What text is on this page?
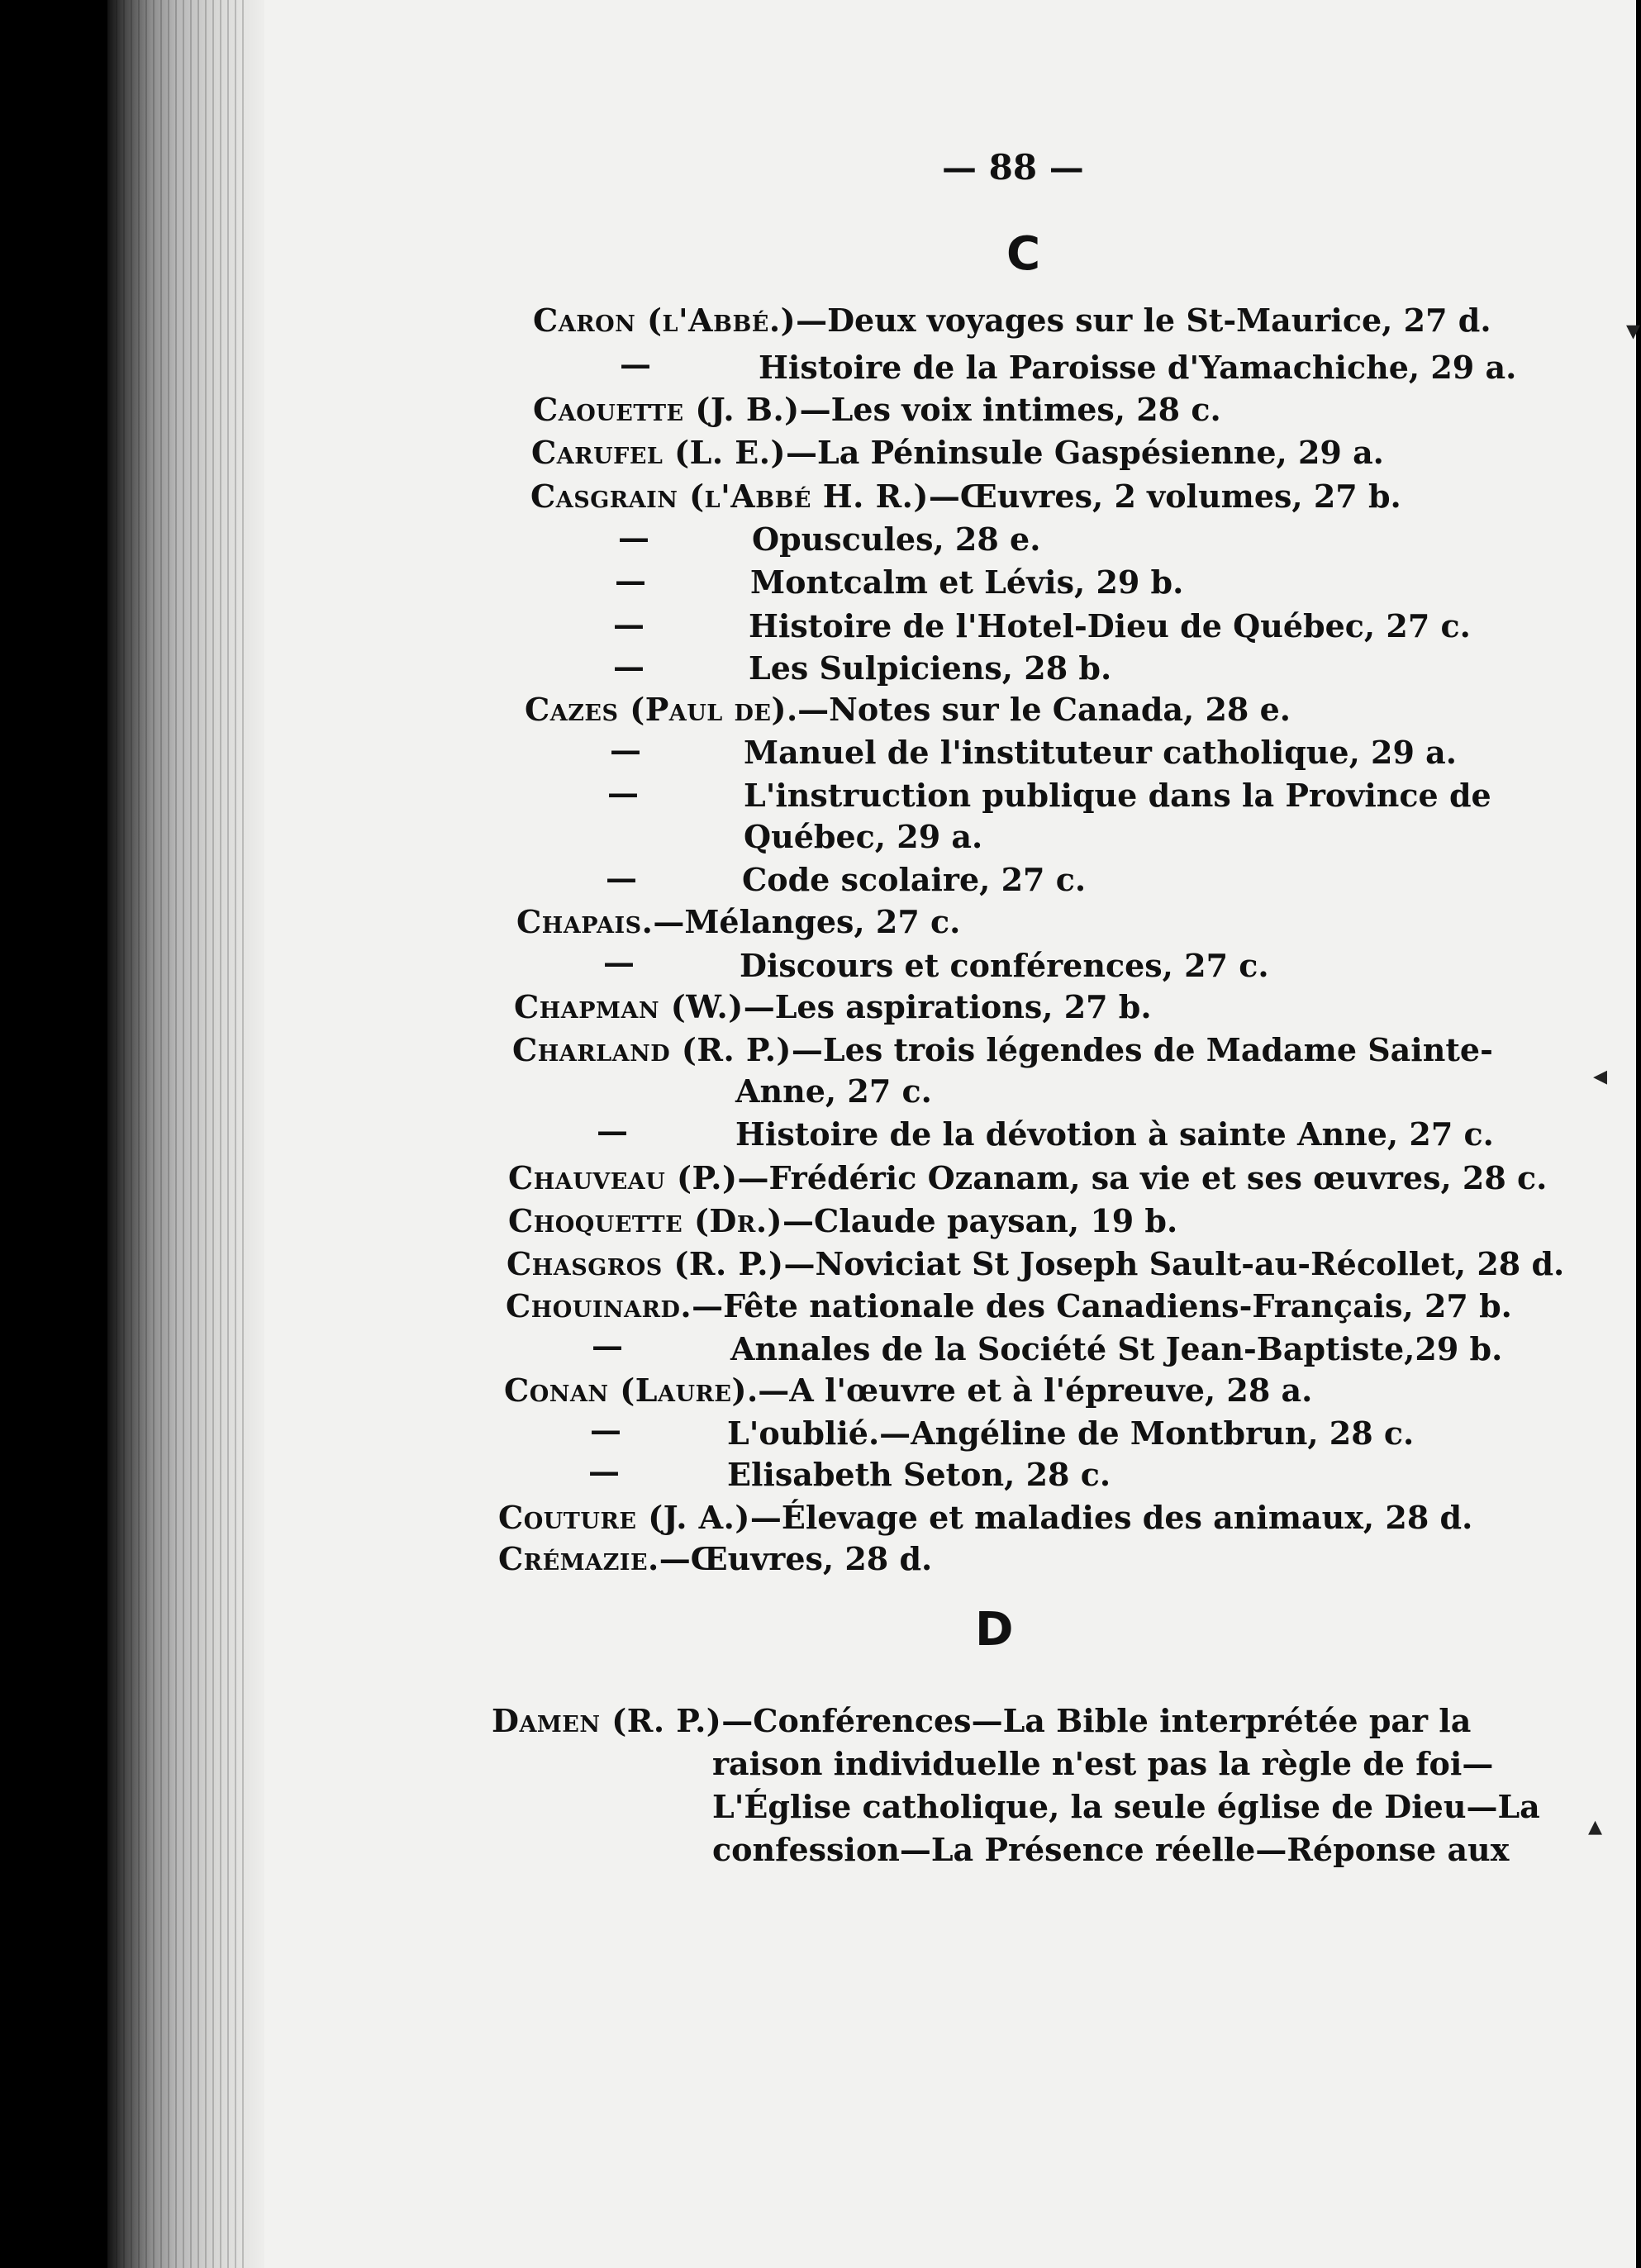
— 88 —
C
D
Caron (l'Abbé.)—Deux voyages sur le St-Maurice, 27 d.
—	Histoire de la Paroisse d'Yamachiche, 29 a.
Caouette (J. B.)—Les voix intimes, 28 c.
Carufel (L. E.)—La Péninsule Gaspésienne, 29 a.
Casgrain (l'Abbé H. R.)—Œuvres, 2 volumes, 27 b.
—	Opuscules, 28 e.
—	Montcalm et Lévis, 29 b.
—	Histoire de l'Hotel-Dieu de Québec, 27 c.
—	Les Sulpiciens, 28 b.
Cazes (Paul de).—Notes sur le Canada, 28 e.
—	Manuel de l'instituteur catholique, 29 a.
—	L'instruction publique dans la Province de
Québec, 29 a.
—	Code scolaire, 27 c.
Chapais.—Mélanges, 27 c.
—	Discours et conférences, 27 c.
Chapman (W.)—Les aspirations, 27 b.
Charland (R. P.)—Les trois légendes de Madame Sainte-
Anne, 27 c.
—	Histoire de la dévotion à sainte Anne, 27 c.
Chauveau (P.)—Frédéric Ozanam, sa vie et ses œuvres, 28 c.
Choquette (Dr.)—Claude paysan, 19 b.
Chasgros (R. P.)—Noviciat St Joseph Sault-au-Récollet, 28 d.
Chouinard.—Fête nationale des Canadiens-Français, 27 b.
—	Annales de la Société St Jean-Baptiste,29 b.
Conan (Laure).—A l'œuvre et à l'épreuve, 28 a.
—	L'oublié.—Angéline de Montbrun, 28 c.
—	Elisabeth Seton, 28 c.
Couture (J. A.)—Élevage et maladies des animaux, 28 d.
Crémazie.—Œuvres, 28 d.
Damen (R. P.)—Conférences—La Bible interprétée par la
raison individuelle n'est pas la règle de foi—
L'Église catholique, la seule église de Dieu—La
confession—La Présence réelle—Réponse aux
▾
◂
▴
